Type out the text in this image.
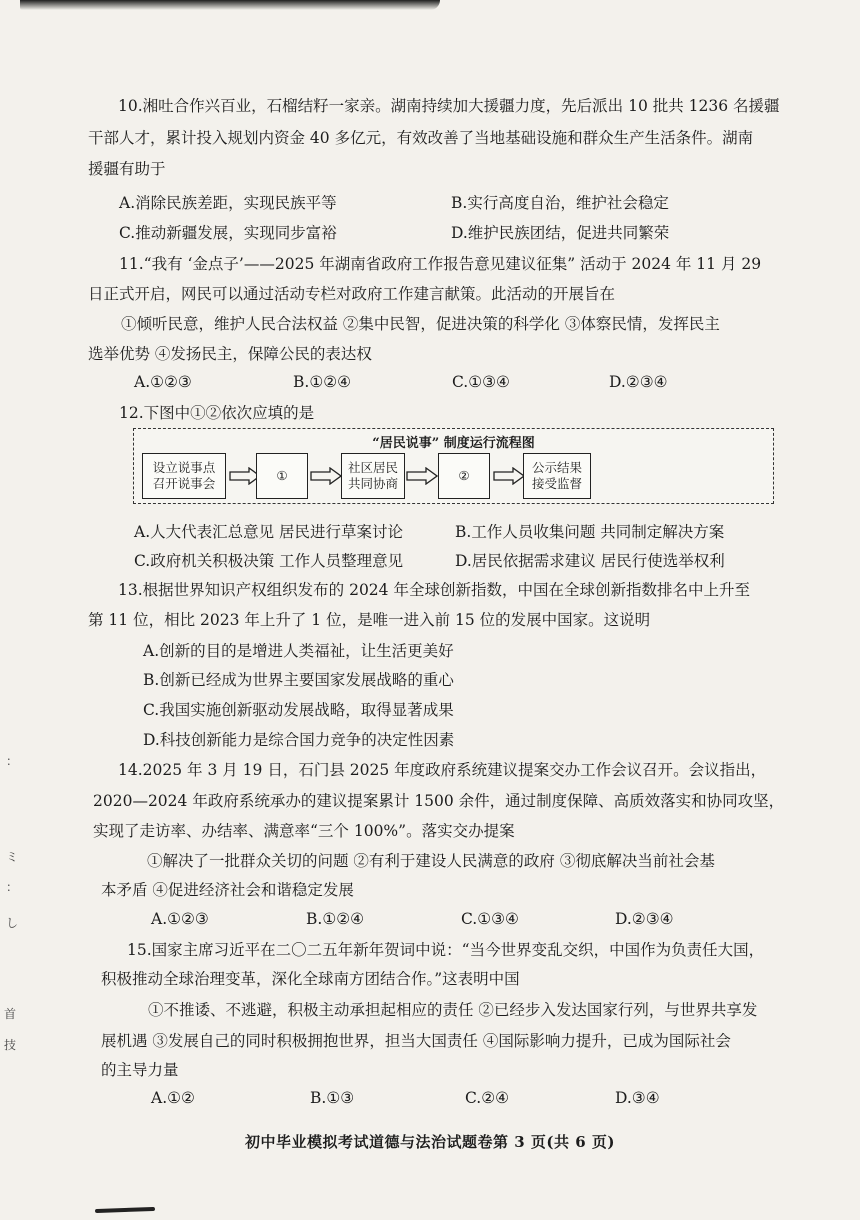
10.湘吐合作兴百业，石榴结籽一家亲。湖南持续加大援疆力度，先后派出 10 批共 1236 名援疆
干部人才，累计投入规划内资金 40 多亿元，有效改善了当地基础设施和群众生产生活条件。湖南
援疆有助于
A.消除民族差距，实现民族平等	B.实行高度自治，维护社会稳定
C.推动新疆发展，实现同步富裕	D.维护民族团结，促进共同繁荣
11.“我有 ‘金点子’——2025 年湖南省政府工作报告意见建议征集” 活动于 2024 年 11 月 29
日正式开启，网民可以通过活动专栏对政府工作建言献策。此活动的开展旨在
①倾听民意，维护人民合法权益 ②集中民智，促进决策的科学化 ③体察民情，发挥民主
选举优势 ④发扬民主，保障公民的表达权
A.①②③	B.①②④	C.①③④	D.②③④
12.下图中①②依次应填的是
“居民说事” 制度运行流程图
设立说事点
召开说事会
①
社区居民
共同协商
②
公示结果
接受监督
A.人大代表汇总意见 居民进行草案讨论	B.工作人员收集问题 共同制定解决方案
C.政府机关积极决策 工作人员整理意见	D.居民依据需求建议 居民行使选举权利
13.根据世界知识产权组织发布的 2024 年全球创新指数，中国在全球创新指数排名中上升至
第 11 位，相比 2023 年上升了 1 位，是唯一进入前 15 位的发展中国家。这说明
A.创新的目的是增进人类福祉，让生活更美好
B.创新已经成为世界主要国家发展战略的重心
C.我国实施创新驱动发展战略，取得显著成果
D.科技创新能力是综合国力竞争的决定性因素
14.2025 年 3 月 19 日，石门县 2025 年度政府系统建议提案交办工作会议召开。会议指出，
2020—2024 年政府系统承办的建议提案累计 1500 余件，通过制度保障、高质效落实和协同攻坚，
实现了走访率、办结率、满意率“三个 100%”。落实交办提案
①解决了一批群众关切的问题 ②有利于建设人民满意的政府 ③彻底解决当前社会基
本矛盾 ④促进经济社会和谐稳定发展
A.①②③	B.①②④	C.①③④	D.②③④
15.国家主席习近平在二〇二五年新年贺词中说：“当今世界变乱交织，中国作为负责任大国，
积极推动全球治理变革，深化全球南方团结合作。”这表明中国
①不推诿、不逃避，积极主动承担起相应的责任 ②已经步入发达国家行列，与世界共享发
展机遇 ③发展自己的同时积极拥抱世界，担当大国责任 ④国际影响力提升，已成为国际社会
的主导力量
A.①②	B.①③	C.②④	D.③④
：
ミ
：
し
首
技
初中毕业模拟考试道德与法治试题卷第 3 页(共 6 页)
